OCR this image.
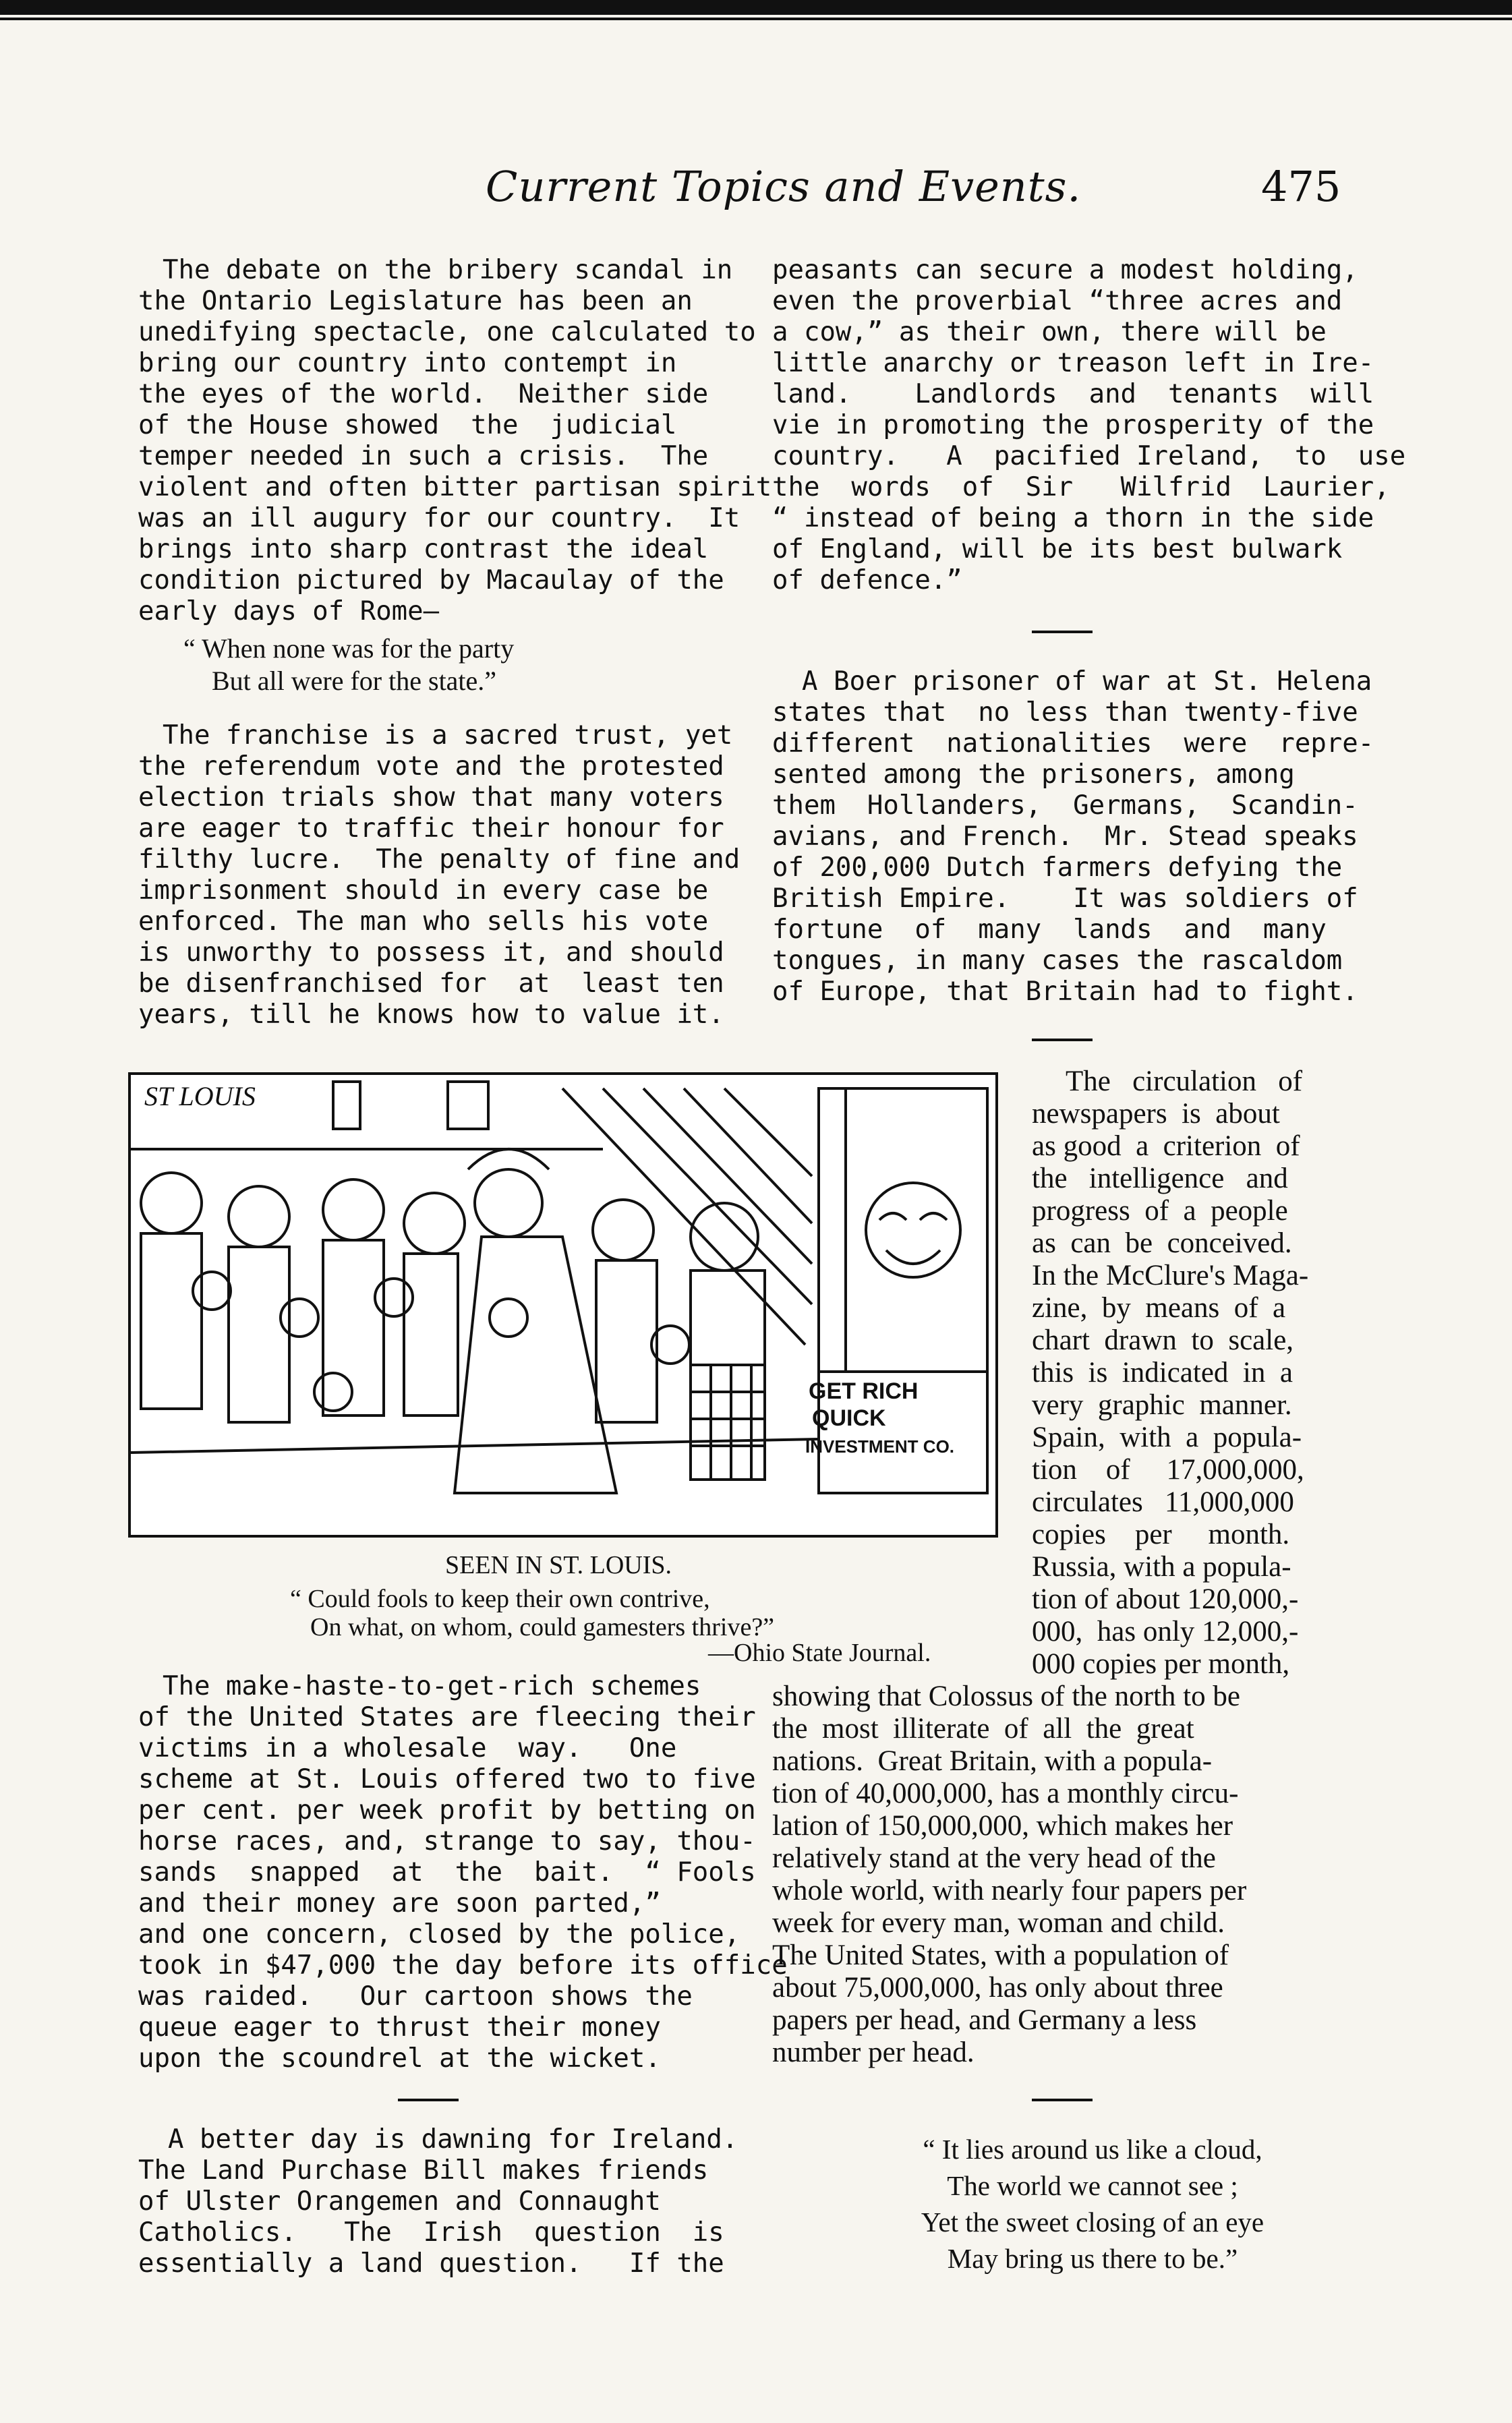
Current Topics and Events.	475
The debate on the bribery scandal in
the Ontario Legislature has been an
unedifying spectacle, one calculated to
bring our country into contempt in
the eyes of the world.  Neither side
of the House showed  the  judicial
temper needed in such a crisis.  The
violent and often bitter partisan spirit
was an ill augury for our country.  It
brings into sharp contrast the ideal
condition pictured by Macaulay of the
early days of Rome—
“ When none was for the party
But all were for the state.”
The franchise is a sacred trust, yet
the referendum vote and the protested
election trials show that many voters
are eager to traffic their honour for
filthy lucre.  The penalty of fine and
imprisonment should in every case be
enforced. The man who sells his vote
is unworthy to possess it, and should
be disenfranchised for  at  least ten
years, till he knows how to value it.
peasants can secure a modest holding,
even the proverbial “three acres and
a cow,” as their own, there will be
little anarchy or treason left in Ire-
land.    Landlords  and  tenants  will
vie in promoting the prosperity of the
country.   A  pacified Ireland,  to  use
the  words  of  Sir   Wilfrid  Laurier,
“ instead of being a thorn in the side
of England, will be its best bulwark
of defence.”
A Boer prisoner of war at St. Helena
states that  no less than twenty-five
different  nationalities  were  repre-
sented among the prisoners, among
them  Hollanders,  Germans,  Scandin-
avians, and French.  Mr. Stead speaks
of 200,000 Dutch farmers defying the
British Empire.    It was soldiers of
fortune  of  many  lands  and  many
tongues, in many cases the rascaldom
of Europe, that Britain had to fight.
ST LOUIS
GET RICH
QUICK
INVESTMENT CO.
SEEN IN ST. LOUIS.
“ Could fools to keep their own contrive,
On what, on whom, could gamesters thrive?”
—Ohio State Journal.
The   circulation   of
newspapers  is  about
as good  a  criterion  of
the   intelligence   and
progress  of  a  people
as  can  be  conceived.
In the McClure's Maga-
zine,  by  means  of  a
chart  drawn  to  scale,
this  is  indicated  in  a
very  graphic  manner.
Spain,  with  a  popula-
tion    of     17,000,000,
circulates   11,000,000
copies    per     month.
Russia, with a popula-
tion of about 120,000,-
000,  has only 12,000,-
000 copies per month,
showing that Colossus of the north to be
the  most  illiterate  of  all  the  great
nations.  Great Britain, with a popula-
tion of 40,000,000, has a monthly circu-
lation of 150,000,000, which makes her
relatively stand at the very head of the
whole world, with nearly four papers per
week for every man, woman and child.
The United States, with a population of
about 75,000,000, has only about three
papers per head, and Germany a less
number per head.
The make-haste-to-get-rich schemes
of the United States are fleecing their
victims in a wholesale  way.   One
scheme at St. Louis offered two to five
per cent. per week profit by betting on
horse races, and, strange to say, thou-
sands  snapped  at  the  bait.  “ Fools
and their money are soon parted,”
and one concern, closed by the police,
took in $47,000 the day before its office
was raided.   Our cartoon shows the
queue eager to thrust their money
upon the scoundrel at the wicket.
A better day is dawning for Ireland.
The Land Purchase Bill makes friends
of Ulster Orangemen and Connaught
Catholics.   The  Irish  question  is
essentially a land question.   If the
“ It lies around us like a cloud,
The world we cannot see ;
Yet the sweet closing of an eye
May bring us there to be.”
